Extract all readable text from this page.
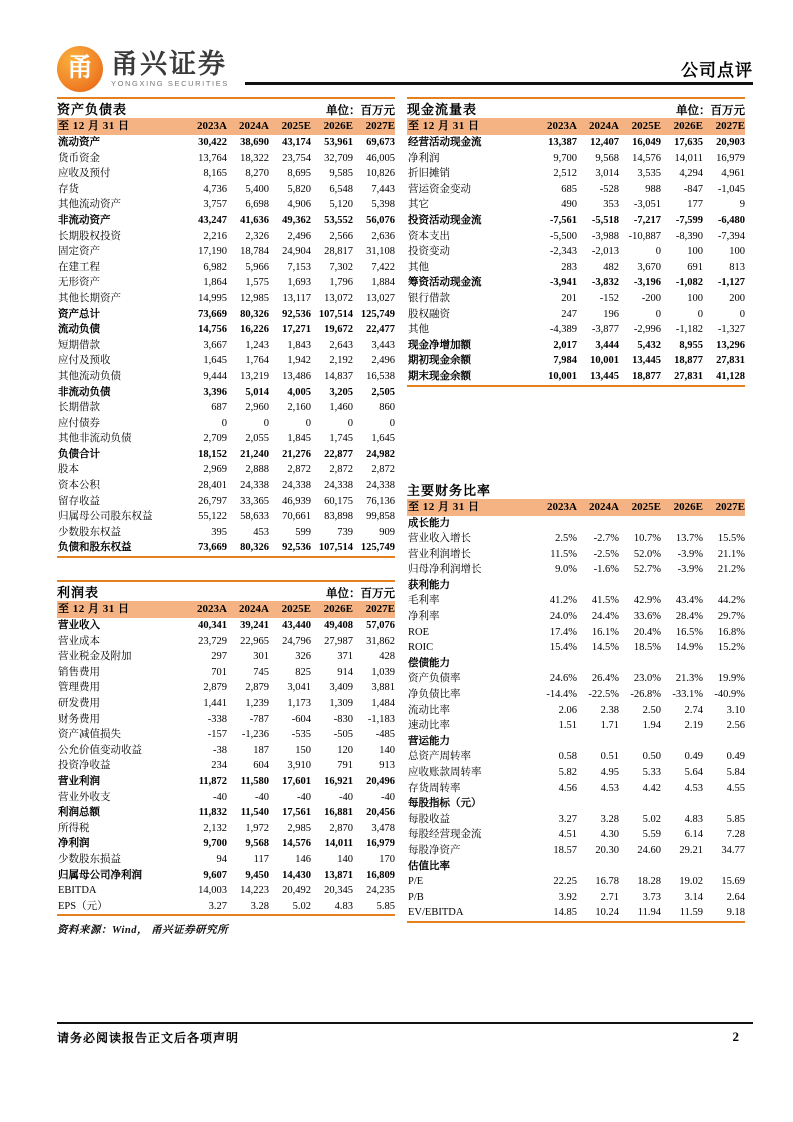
甬 甬兴证券
YONGXING SECURITIES
公司点评
资产负债表	单位：百万元
至 12 月 31 日	2023A	2024A	2025E	2026E	2027E
流动资产	30,422	38,690	43,174	53,961	69,673
货币资金	13,764	18,322	23,754	32,709	46,005
应收及预付	8,165	8,270	8,695	9,585	10,826
存货	4,736	5,400	5,820	6,548	7,443
其他流动资产	3,757	6,698	4,906	5,120	5,398
非流动资产	43,247	41,636	49,362	53,552	56,076
长期股权投资	2,216	2,326	2,496	2,566	2,636
固定资产	17,190	18,784	24,904	28,817	31,108
在建工程	6,982	5,966	7,153	7,302	7,422
无形资产	1,864	1,575	1,693	1,796	1,884
其他长期资产	14,995	12,985	13,117	13,072	13,027
资产总计	73,669	80,326	92,536	107,514	125,749
流动负债	14,756	16,226	17,271	19,672	22,477
短期借款	3,667	1,243	1,843	2,643	3,443
应付及预收	1,645	1,764	1,942	2,192	2,496
其他流动负债	9,444	13,219	13,486	14,837	16,538
非流动负债	3,396	5,014	4,005	3,205	2,505
长期借款	687	2,960	2,160	1,460	860
应付债券	0	0	0	0	0
其他非流动负债	2,709	2,055	1,845	1,745	1,645
负债合计	18,152	21,240	21,276	22,877	24,982
股本	2,969	2,888	2,872	2,872	2,872
资本公积	28,401	24,338	24,338	24,338	24,338
留存收益	26,797	33,365	46,939	60,175	76,136
归属母公司股东权益	55,122	58,633	70,661	83,898	99,858
少数股东权益	395	453	599	739	909
负债和股东权益	73,669	80,326	92,536	107,514	125,749
利润表	单位：百万元
至 12 月 31 日	2023A	2024A	2025E	2026E	2027E
营业收入	40,341	39,241	43,440	49,408	57,076
营业成本	23,729	22,965	24,796	27,987	31,862
营业税金及附加	297	301	326	371	428
销售费用	701	745	825	914	1,039
管理费用	2,879	2,879	3,041	3,409	3,881
研发费用	1,441	1,239	1,173	1,309	1,484
财务费用	-338	-787	-604	-830	-1,183
资产减值损失	-157	-1,236	-535	-505	-485
公允价值变动收益	-38	187	150	120	140
投资净收益	234	604	3,910	791	913
营业利润	11,872	11,580	17,601	16,921	20,496
营业外收支	-40	-40	-40	-40	-40
利润总额	11,832	11,540	17,561	16,881	20,456
所得税	2,132	1,972	2,985	2,870	3,478
净利润	9,700	9,568	14,576	14,011	16,979
少数股东损益	94	117	146	140	170
归属母公司净利润	9,607	9,450	14,430	13,871	16,809
EBITDA	14,003	14,223	20,492	20,345	24,235
EPS（元）	3.27	3.28	5.02	4.83	5.85
资料来源：Wind， 甬兴证券研究所
现金流量表	单位：百万元
至 12 月 31 日	2023A	2024A	2025E	2026E	2027E
经营活动现金流	13,387	12,407	16,049	17,635	20,903
净利润	9,700	9,568	14,576	14,011	16,979
折旧摊销	2,512	3,014	3,535	4,294	4,961
营运资金变动	685	-528	988	-847	-1,045
其它	490	353	-3,051	177	9
投资活动现金流	-7,561	-5,518	-7,217	-7,599	-6,480
资本支出	-5,500	-3,988	-10,887	-8,390	-7,394
投资变动	-2,343	-2,013	0	100	100
其他	283	482	3,670	691	813
筹资活动现金流	-3,941	-3,832	-3,196	-1,082	-1,127
银行借款	201	-152	-200	100	200
股权融资	247	196	0	0	0
其他	-4,389	-3,877	-2,996	-1,182	-1,327
现金净增加额	2,017	3,444	5,432	8,955	13,296
期初现金余额	7,984	10,001	13,445	18,877	27,831
期末现金余额	10,001	13,445	18,877	27,831	41,128
主要财务比率
至 12 月 31 日	2023A	2024A	2025E	2026E	2027E
成长能力					
营业收入增长	2.5%	-2.7%	10.7%	13.7%	15.5%
营业利润增长	11.5%	-2.5%	52.0%	-3.9%	21.1%
归母净利润增长	9.0%	-1.6%	52.7%	-3.9%	21.2%
获利能力					
毛利率	41.2%	41.5%	42.9%	43.4%	44.2%
净利率	24.0%	24.4%	33.6%	28.4%	29.7%
ROE	17.4%	16.1%	20.4%	16.5%	16.8%
ROIC	15.4%	14.5%	18.5%	14.9%	15.2%
偿债能力					
资产负债率	24.6%	26.4%	23.0%	21.3%	19.9%
净负债比率	-14.4%	-22.5%	-26.8%	-33.1%	-40.9%
流动比率	2.06	2.38	2.50	2.74	3.10
速动比率	1.51	1.71	1.94	2.19	2.56
营运能力					
总资产周转率	0.58	0.51	0.50	0.49	0.49
应收账款周转率	5.82	4.95	5.33	5.64	5.84
存货周转率	4.56	4.53	4.42	4.53	4.55
每股指标（元）					
每股收益	3.27	3.28	5.02	4.83	5.85
每股经营现金流	4.51	4.30	5.59	6.14	7.28
每股净资产	18.57	20.30	24.60	29.21	34.77
估值比率					
P/E	22.25	16.78	18.28	19.02	15.69
P/B	3.92	2.71	3.73	3.14	2.64
EV/EBITDA	14.85	10.24	11.94	11.59	9.18
请务必阅读报告正文后各项声明	2
